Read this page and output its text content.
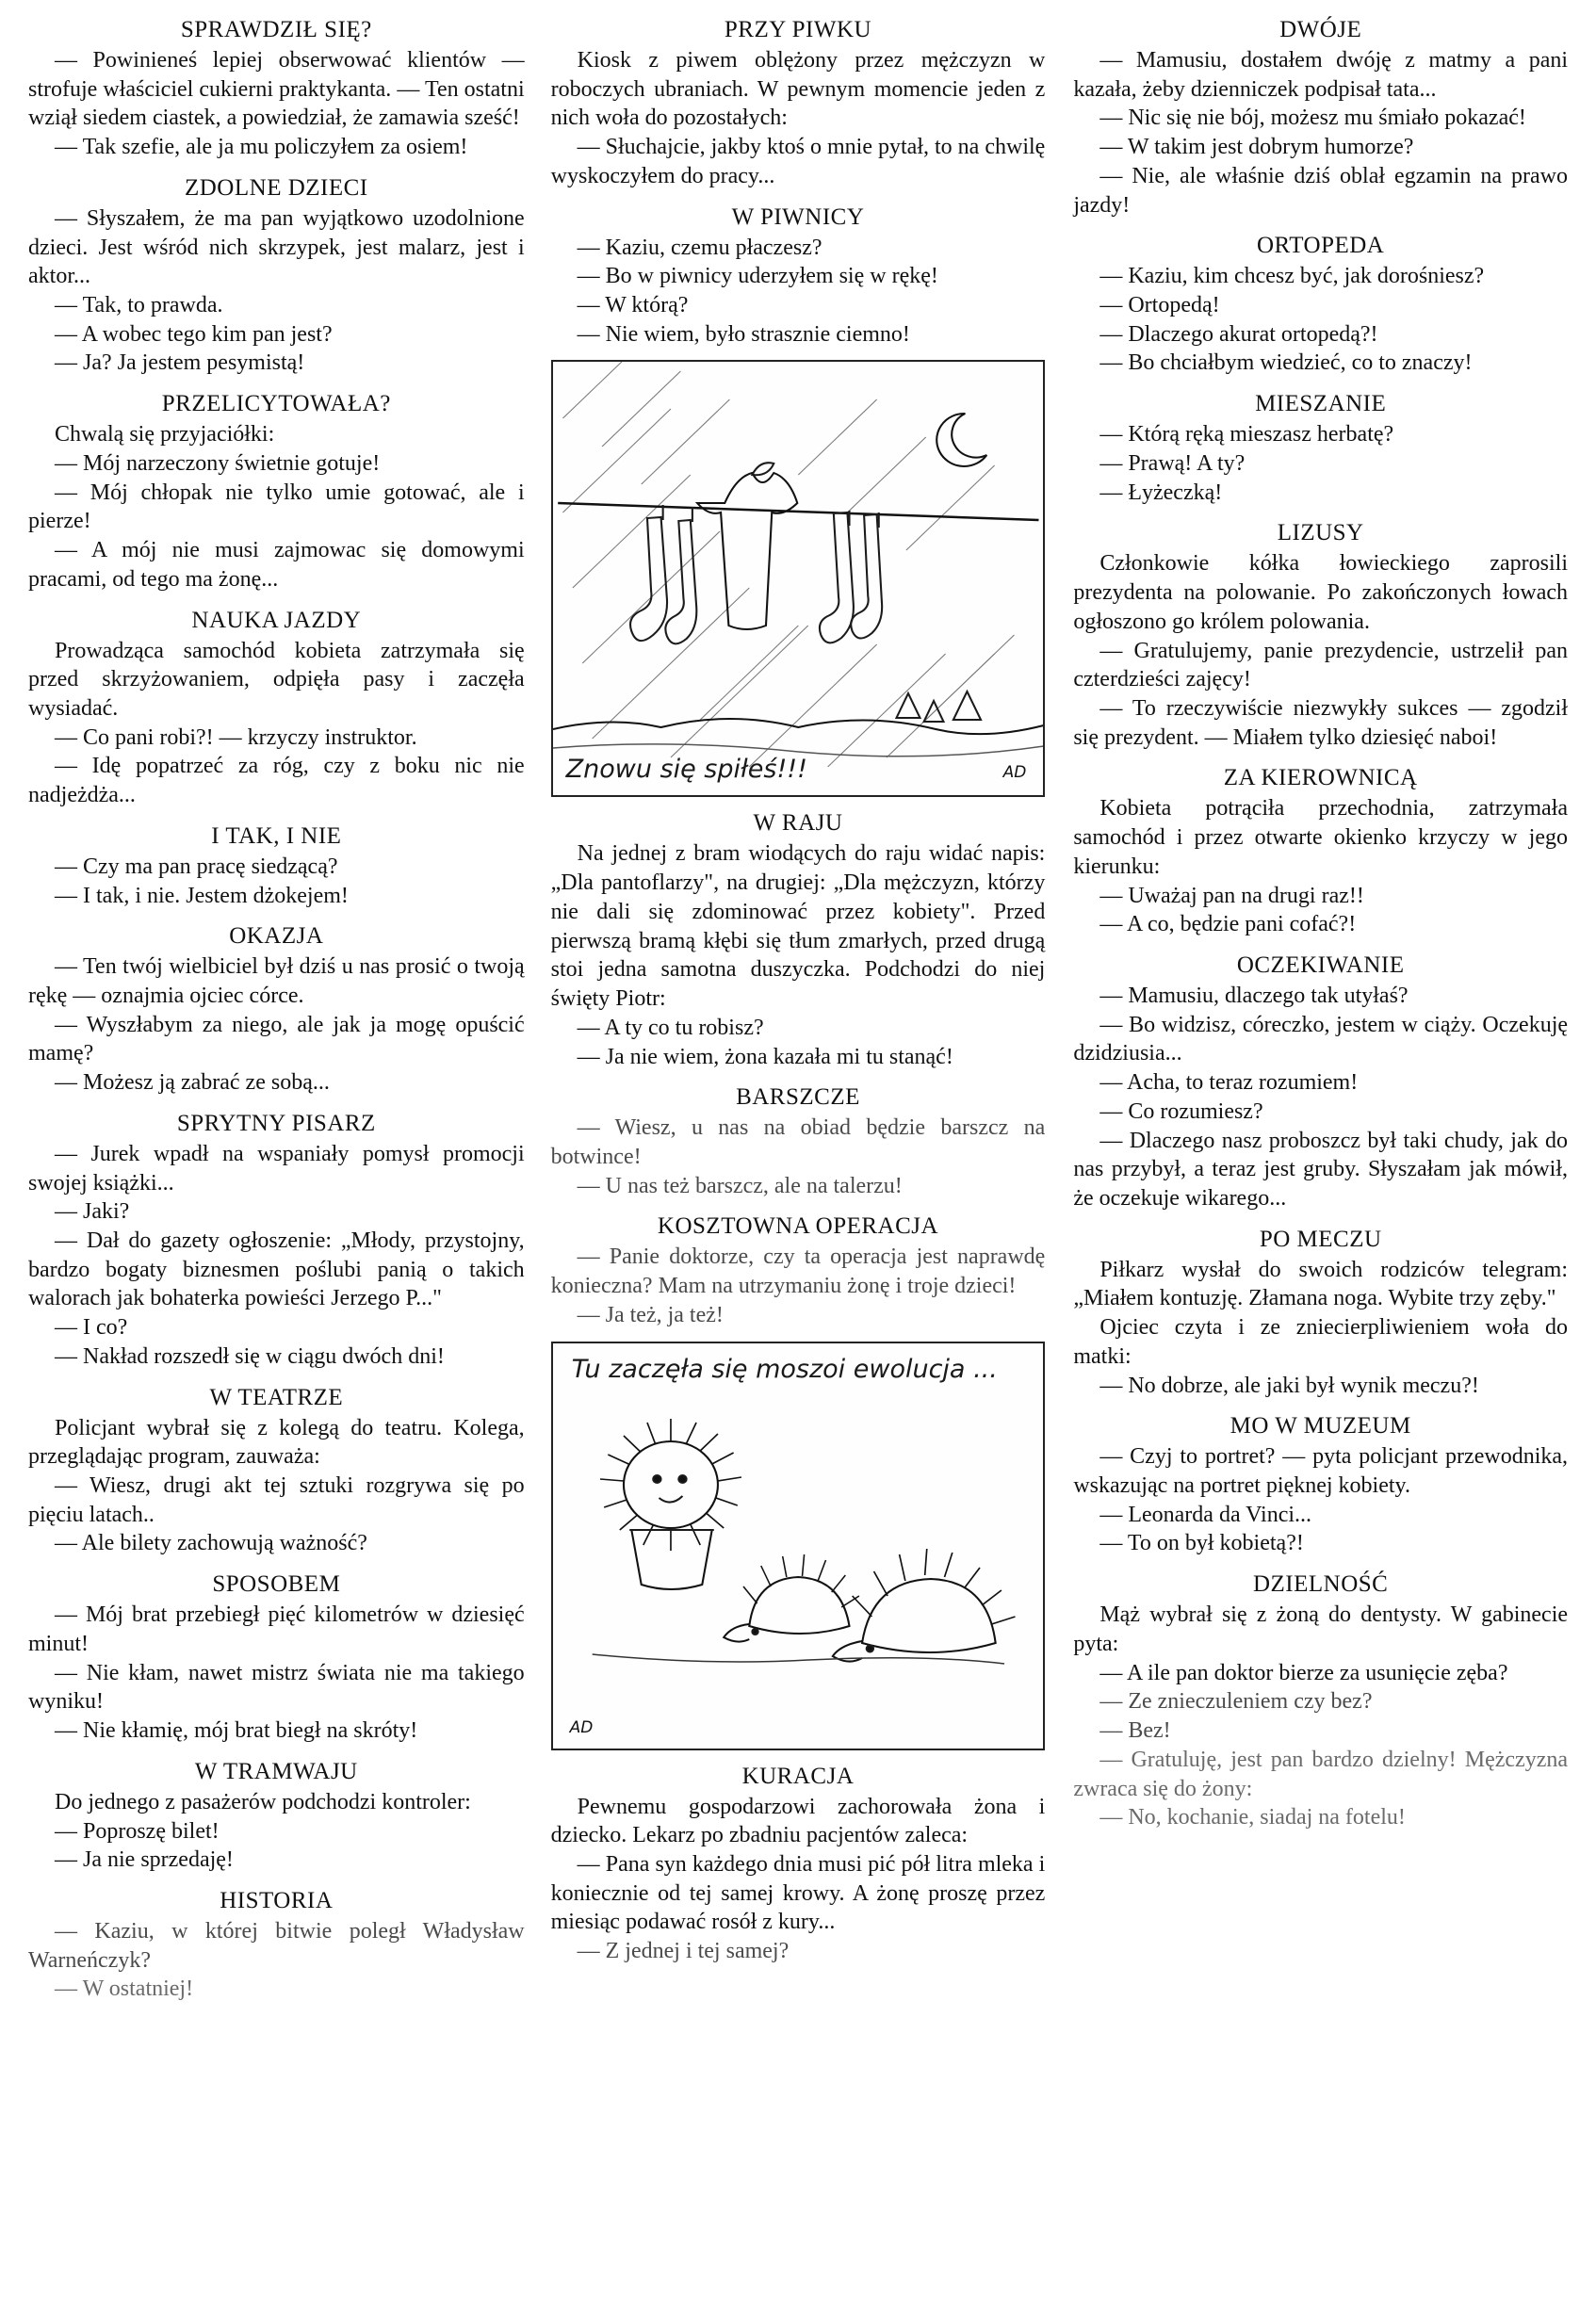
SPRAWDZIŁ SIĘ?

— Powinieneś lepiej obserwować klientów — strofuje właściciel cukierni praktykanta. — Ten ostatni wziął siedem ciastek, a powiedział, że zamawia sześć!

— Tak szefie, ale ja mu policzyłem za osiem!

ZDOLNE DZIECI

— Słyszałem, że ma pan wyjątkowo uzodolnione dzieci. Jest wśród nich skrzypek, jest malarz, jest i aktor...

— Tak, to prawda.

— A wobec tego kim pan jest?

— Ja? Ja jestem pesymistą!

PRZELICYTOWAŁA?

Chwalą się przyjaciółki:

— Mój narzeczony świetnie gotuje!

— Mój chłopak nie tylko umie gotować, ale i pierze!

— A mój nie musi zajmowac się domowymi pracami, od tego ma żonę...

NAUKA JAZDY

Prowadząca samochód kobieta zatrzymała się przed skrzyżowaniem, odpięła pasy i zaczęła wysiadać.

— Co pani robi?! — krzyczy instruktor.

— Idę popatrzeć za róg, czy z boku nic nie nadjeżdża...

I TAK, I NIE

— Czy ma pan pracę siedzącą?

— I tak, i nie. Jestem dżokejem!

OKAZJA

— Ten twój wielbiciel był dziś u nas prosić o twoją rękę — oznajmia ojciec córce.

— Wyszłabym za niego, ale jak ja mogę opuścić mamę?

— Możesz ją zabrać ze sobą...

SPRYTNY PISARZ

— Jurek wpadł na wspaniały pomysł promocji swojej książki...

— Jaki?

— Dał do gazety ogłoszenie: „Młody, przystojny, bardzo bogaty biznesmen poślubi panią o takich walorach jak bohaterka powieści Jerzego P..."

— I co?

— Nakład rozszedł się w ciągu dwóch dni!

W TEATRZE

Policjant wybrał się z kolegą do teatru. Kolega, przeglądając program, zauważa:

— Wiesz, drugi akt tej sztuki rozgrywa się po pięciu latach..

— Ale bilety zachowują ważność?

SPOSOBEM

— Mój brat przebiegł pięć kilometrów w dziesięć minut!

— Nie kłam, nawet mistrz świata nie ma takiego wyniku!

— Nie kłamię, mój brat biegł na skróty!

W TRAMWAJU

Do jednego z pasażerów podchodzi kontroler:

— Poproszę bilet!

— Ja nie sprzedaję!

HISTORIA

— Kaziu, w której bitwie poległ Władysław Warneńczyk?

— W ostatniej!

PRZY PIWKU

Kiosk z piwem oblężony przez mężczyzn w roboczych ubraniach. W pewnym momencie jeden z nich woła do pozostałych:

— Słuchajcie, jakby ktoś o mnie pytał, to na chwilę wyskoczyłem do pracy...

W PIWNICY

— Kaziu, czemu płaczesz?

— Bo w piwnicy uderzyłem się w rękę!

— W którą?

— Nie wiem, było strasznie ciemno!

Znowu się spiłeś!!!	AD
W RAJU

Na jednej z bram wiodących do raju widać napis: „Dla pantoflarzy", na drugiej: „Dla mężczyzn, którzy nie dali się zdominować przez kobiety". Przed pierwszą bramą kłębi się tłum zmarłych, przed drugą stoi jedna samotna duszyczka. Podchodzi do niej święty Piotr:

— A ty co tu robisz?

— Ja nie wiem, żona kazała mi tu stanąć!

BARSZCZE

— Wiesz, u nas na obiad będzie barszcz na botwince!

— U nas też barszcz, ale na talerzu!

KOSZTOWNA OPERACJA

— Panie doktorze, czy ta operacja jest naprawdę konieczna? Mam na utrzymaniu żonę i troje dzieci!

— Ja też, ja też!

Tu zaczęła się moszoi ewolucja ...
AD
KURACJA

Pewnemu gospodarzowi zachorowała żona i dziecko. Lekarz po zbadniu pacjentów zaleca:

— Pana syn każdego dnia musi pić pół litra mleka i koniecznie od tej samej krowy. A żonę proszę przez miesiąc podawać rosół z kury...

— Z jednej i tej samej?

DWÓJE

— Mamusiu, dostałem dwóję z matmy a pani kazała, żeby dzienniczek podpisał tata...

— Nic się nie bój, możesz mu śmiało pokazać!

— W takim jest dobrym humorze?

— Nie, ale właśnie dziś oblał egzamin na prawo jazdy!

ORTOPEDA

— Kaziu, kim chcesz być, jak dorośniesz?

— Ortopedą!

— Dlaczego akurat ortopedą?!

— Bo chciałbym wiedzieć, co to znaczy!

MIESZANIE

— Którą ręką mieszasz herbatę?

— Prawą! A ty?

— Łyżeczką!

LIZUSY

Członkowie kółka łowieckiego zaprosili prezydenta na polowanie. Po zakończonych łowach ogłoszono go królem polowania.

— Gratulujemy, panie prezydencie, ustrzelił pan czterdzieści zajęcy!

— To rzeczywiście niezwykły sukces — zgodził się prezydent. — Miałem tylko dziesięć naboi!

ZA KIEROWNICĄ

Kobieta potrąciła przechodnia, zatrzymała samochód i przez otwarte okienko krzyczy w jego kierunku:

— Uważaj pan na drugi raz!!

— A co, będzie pani cofać?!

OCZEKIWANIE

— Mamusiu, dlaczego tak utyłaś?

— Bo widzisz, córeczko, jestem w ciąży. Oczekuję dzidziusia...

— Acha, to teraz rozumiem!

— Co rozumiesz?

— Dlaczego nasz proboszcz był taki chudy, jak do nas przybył, a teraz jest gruby. Słyszałam jak mówił, że oczekuje wikarego...

PO MECZU

Piłkarz wysłał do swoich rodziców telegram: „Miałem kontuzję. Złamana noga. Wybite trzy zęby."

Ojciec czyta i ze zniecierpliwieniem woła do matki:

— No dobrze, ale jaki był wynik meczu?!

MO W MUZEUM

— Czyj to portret? — pyta policjant przewodnika, wskazując na portret pięknej kobiety.

— Leonarda da Vinci...

— To on był kobietą?!

DZIELNOŚĆ

Mąż wybrał się z żoną do dentysty. W gabinecie pyta:

— A ile pan doktor bierze za usunięcie zęba?

— Ze znieczuleniem czy bez?

— Bez!

— Gratuluję, jest pan bardzo dzielny! Mężczyzna zwraca się do żony:

— No, kochanie, siadaj na fotelu!
